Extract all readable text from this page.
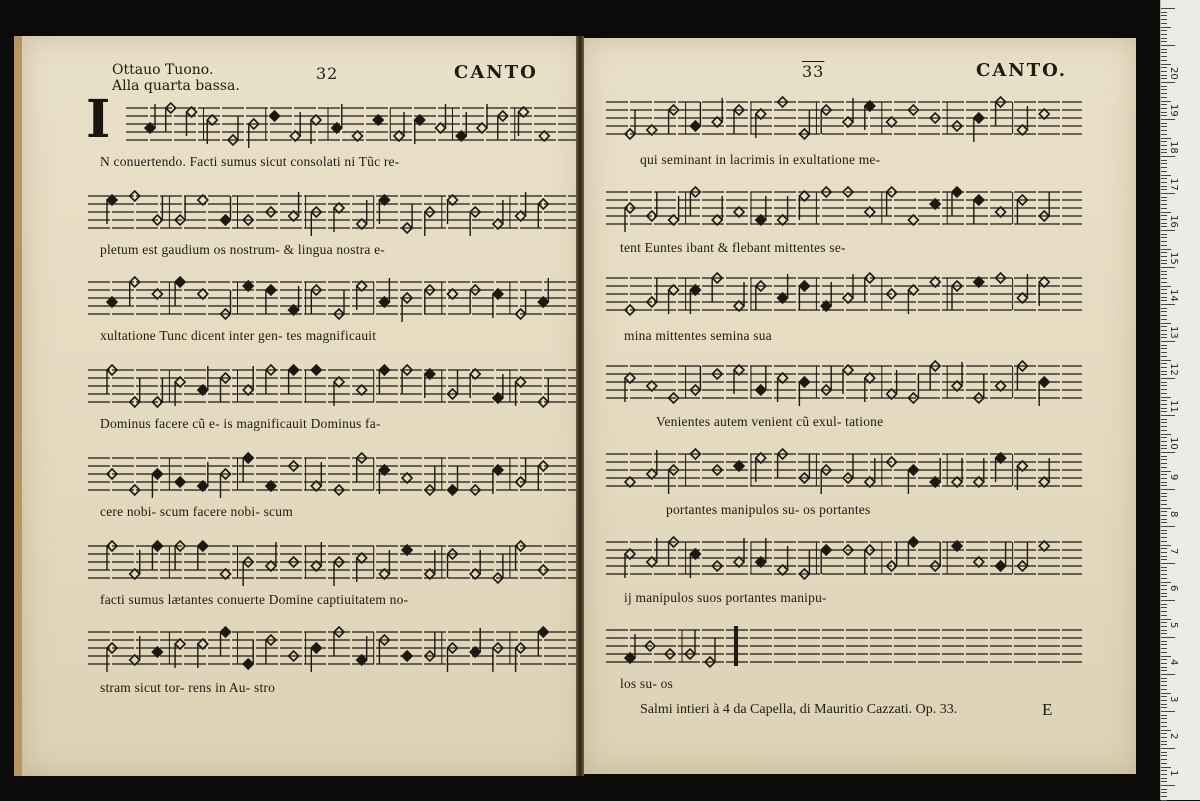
Ottauo Tuono.
Alla quarta bassa.
32	CANTO
I
N conuertendo. Facti sumus sicut consolati ni Tũc re-
pletum est gaudium os nostrum- & lingua nostra e-
xultatione Tunc dicent inter gen- tes magnificauit
Dominus facere cũ e- is magnificauit Dominus fa-
cere nobi- scum facere nobi- scum
facti sumus lætantes conuerte Domine captiuitatem no-
stram sicut tor- rens in Au- stro
33	CANTO.
qui seminant in lacrimis in exultatione me-
tent Euntes ibant & flebant mittentes se-
mina mittentes semina sua
Venientes autem venient cũ exul- tatione
portantes manipulos su- os portantes
ij manipulos suos portantes manipu-
los su- os
Salmi intieri à 4 da Capella, di Mauritio Cazzati. Op. 33.	E
1
2
3
4
5
6
7
8
9
10
11
12
13
14
15
16
17
18
19
20
